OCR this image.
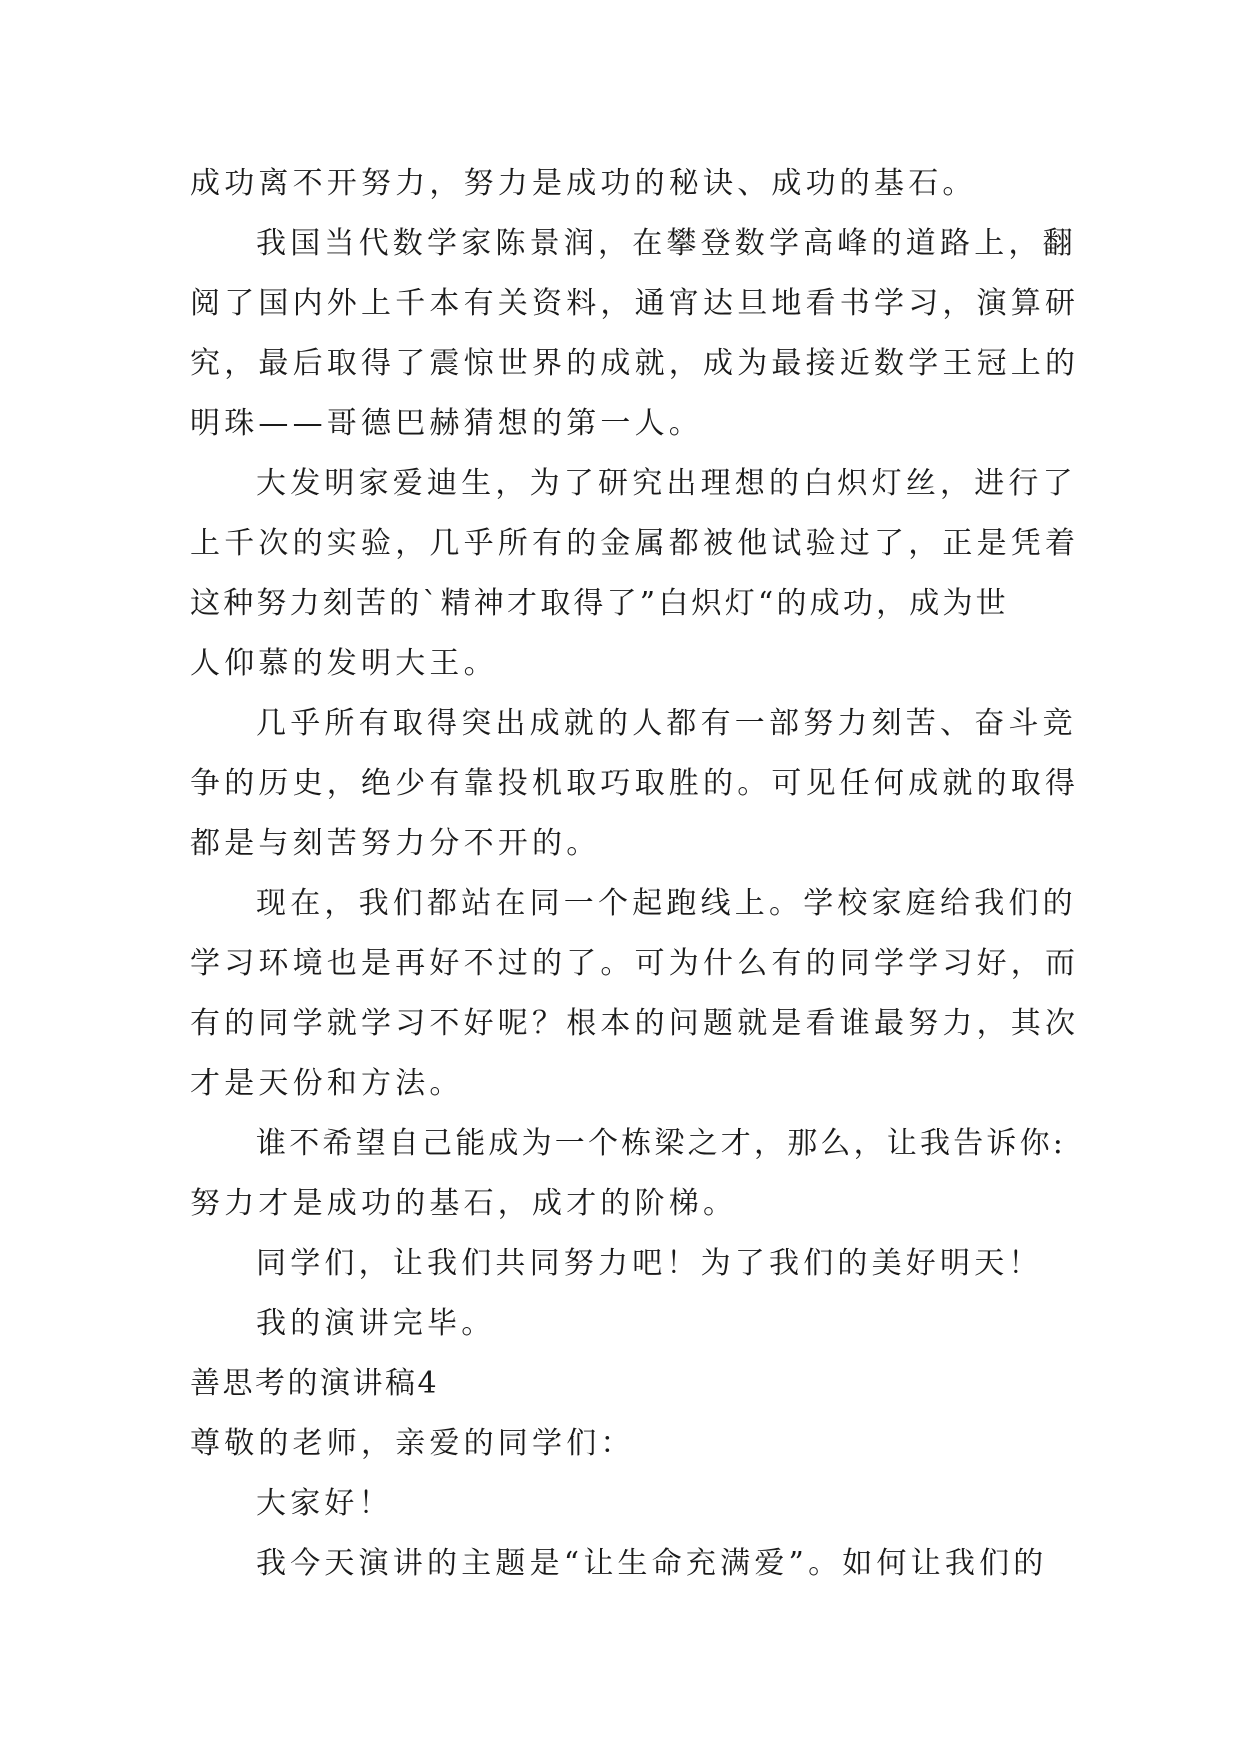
成功离不开努力，努力是成功的秘诀、成功的基石。
我国当代数学家陈景润，在攀登数学高峰的道路上，翻
阅了国内外上千本有关资料，通宵达旦地看书学习，演算研
究，最后取得了震惊世界的成就，成为最接近数学王冠上的
明珠——哥德巴赫猜想的第一人。
大发明家爱迪生，为了研究出理想的白炽灯丝，进行了
上千次的实验，几乎所有的金属都被他试验过了，正是凭着
这种努力刻苦的`精神才取得了”白炽灯“的成功，成为世
人仰慕的发明大王。
几乎所有取得突出成就的人都有一部努力刻苦、奋斗竞
争的历史，绝少有靠投机取巧取胜的。可见任何成就的取得
都是与刻苦努力分不开的。
现在，我们都站在同一个起跑线上。学校家庭给我们的
学习环境也是再好不过的了。可为什么有的同学学习好，而
有的同学就学习不好呢？根本的问题就是看谁最努力，其次
才是天份和方法。
谁不希望自己能成为一个栋梁之才，那么，让我告诉你:
努力才是成功的基石，成才的阶梯。
同学们，让我们共同努力吧！为了我们的美好明天！
我的演讲完毕。
善思考的演讲稿4
尊敬的老师，亲爱的同学们：
大家好！
我今天演讲的主题是“让生命充满爱”。如何让我们的
